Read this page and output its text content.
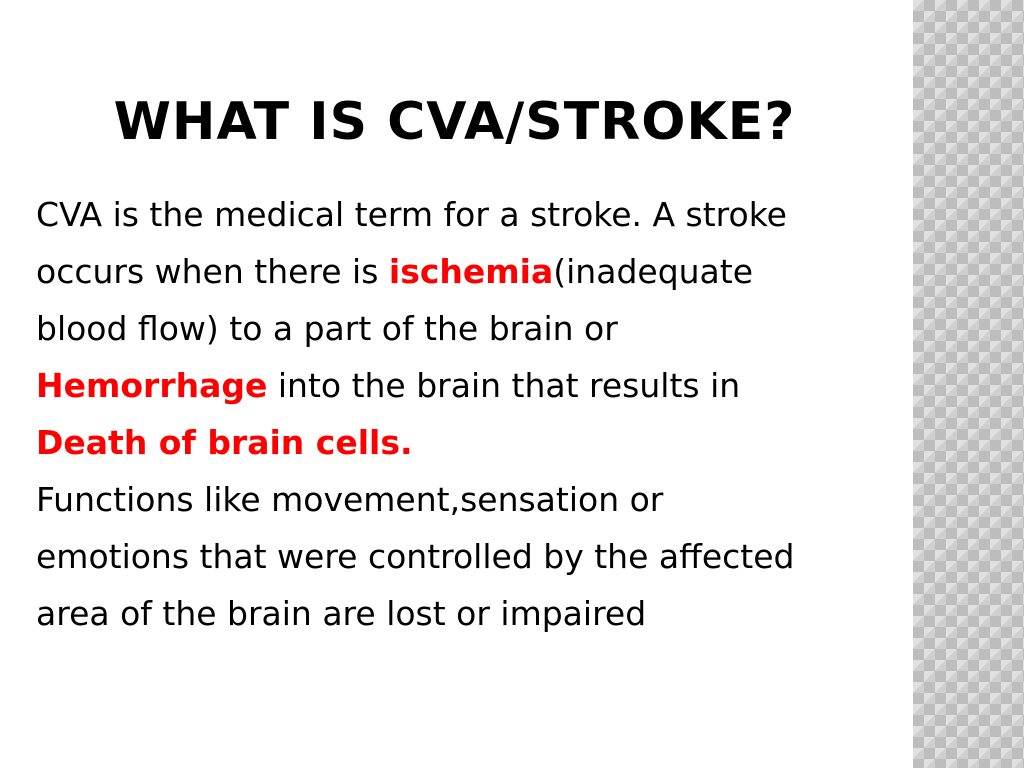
WHAT IS CVA/STROKE?

CVA is the medical term for a stroke. A stroke

occurs when there is ischemia(inadequate

blood flow) to a part of the brain or

Hemorrhage into the brain that results in

Death of brain cells.

Functions like movement,sensation or

emotions that were controlled by the affected

area of the brain are lost or impaired
